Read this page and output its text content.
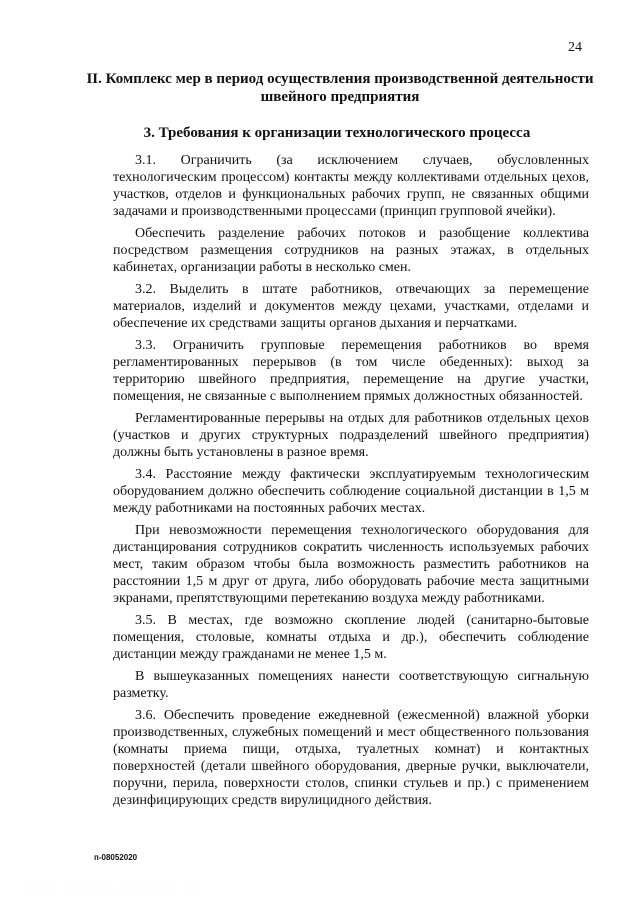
24
II. Комплекс мер в период осуществления производственной деятельности швейного предприятия
3. Требования к организации технологического процесса

3.1. Ограничить (за исключением случаев, обусловленных технологическим процессом) контакты между коллективами отдельных цехов, участков, отделов и функциональных рабочих групп, не связанных общими задачами и производственными процессами (принцип групповой ячейки).

Обеспечить разделение рабочих потоков и разобщение коллектива посредством размещения сотрудников на разных этажах, в отдельных кабинетах, организации работы в несколько смен.

3.2. Выделить в штате работников, отвечающих за перемещение материалов, изделий и документов между цехами, участками, отделами и обеспечение их средствами защиты органов дыхания и перчатками.

3.3. Ограничить групповые перемещения работников во время регламентированных перерывов (в том числе обеденных): выход за территорию швейного предприятия, перемещение на другие участки, помещения, не связанные с выполнением прямых должностных обязанностей.

Регламентированные перерывы на отдых для работников отдельных цехов (участков и других структурных подразделений швейного предприятия) должны быть установлены в разное время.

3.4. Расстояние между фактически эксплуатируемым технологическим оборудованием должно обеспечить соблюдение социальной дистанции в 1,5 м между работниками на постоянных рабочих местах.

При невозможности перемещения технологического оборудования для дистанцирования сотрудников сократить численность используемых рабочих мест, таким образом чтобы была возможность разместить работников на расстоянии 1,5 м друг от друга, либо оборудовать рабочие места защитными экранами, препятствующими перетеканию воздуха между работниками.

3.5. В местах, где возможно скопление людей (санитарно-бытовые помещения, столовые, комнаты отдыха и др.), обеспечить соблюдение дистанции между гражданами не менее 1,5 м.

В вышеуказанных помещениях нанести соответствующую сигнальную разметку.

3.6. Обеспечить проведение ежедневной (ежесменной) влажной уборки производственных, служебных помещений и мест общественного пользования (комнаты приема пищи, отдыха, туалетных комнат) и контактных поверхностей (детали швейного оборудования, дверные ручки, выключатели, поручни, перила, поверхности столов, спинки стульев и пр.) с применением дезинфицирующих средств вирулицидного действия.

п-08052020
· · · · · · · · · · · · · · · · · · ·
